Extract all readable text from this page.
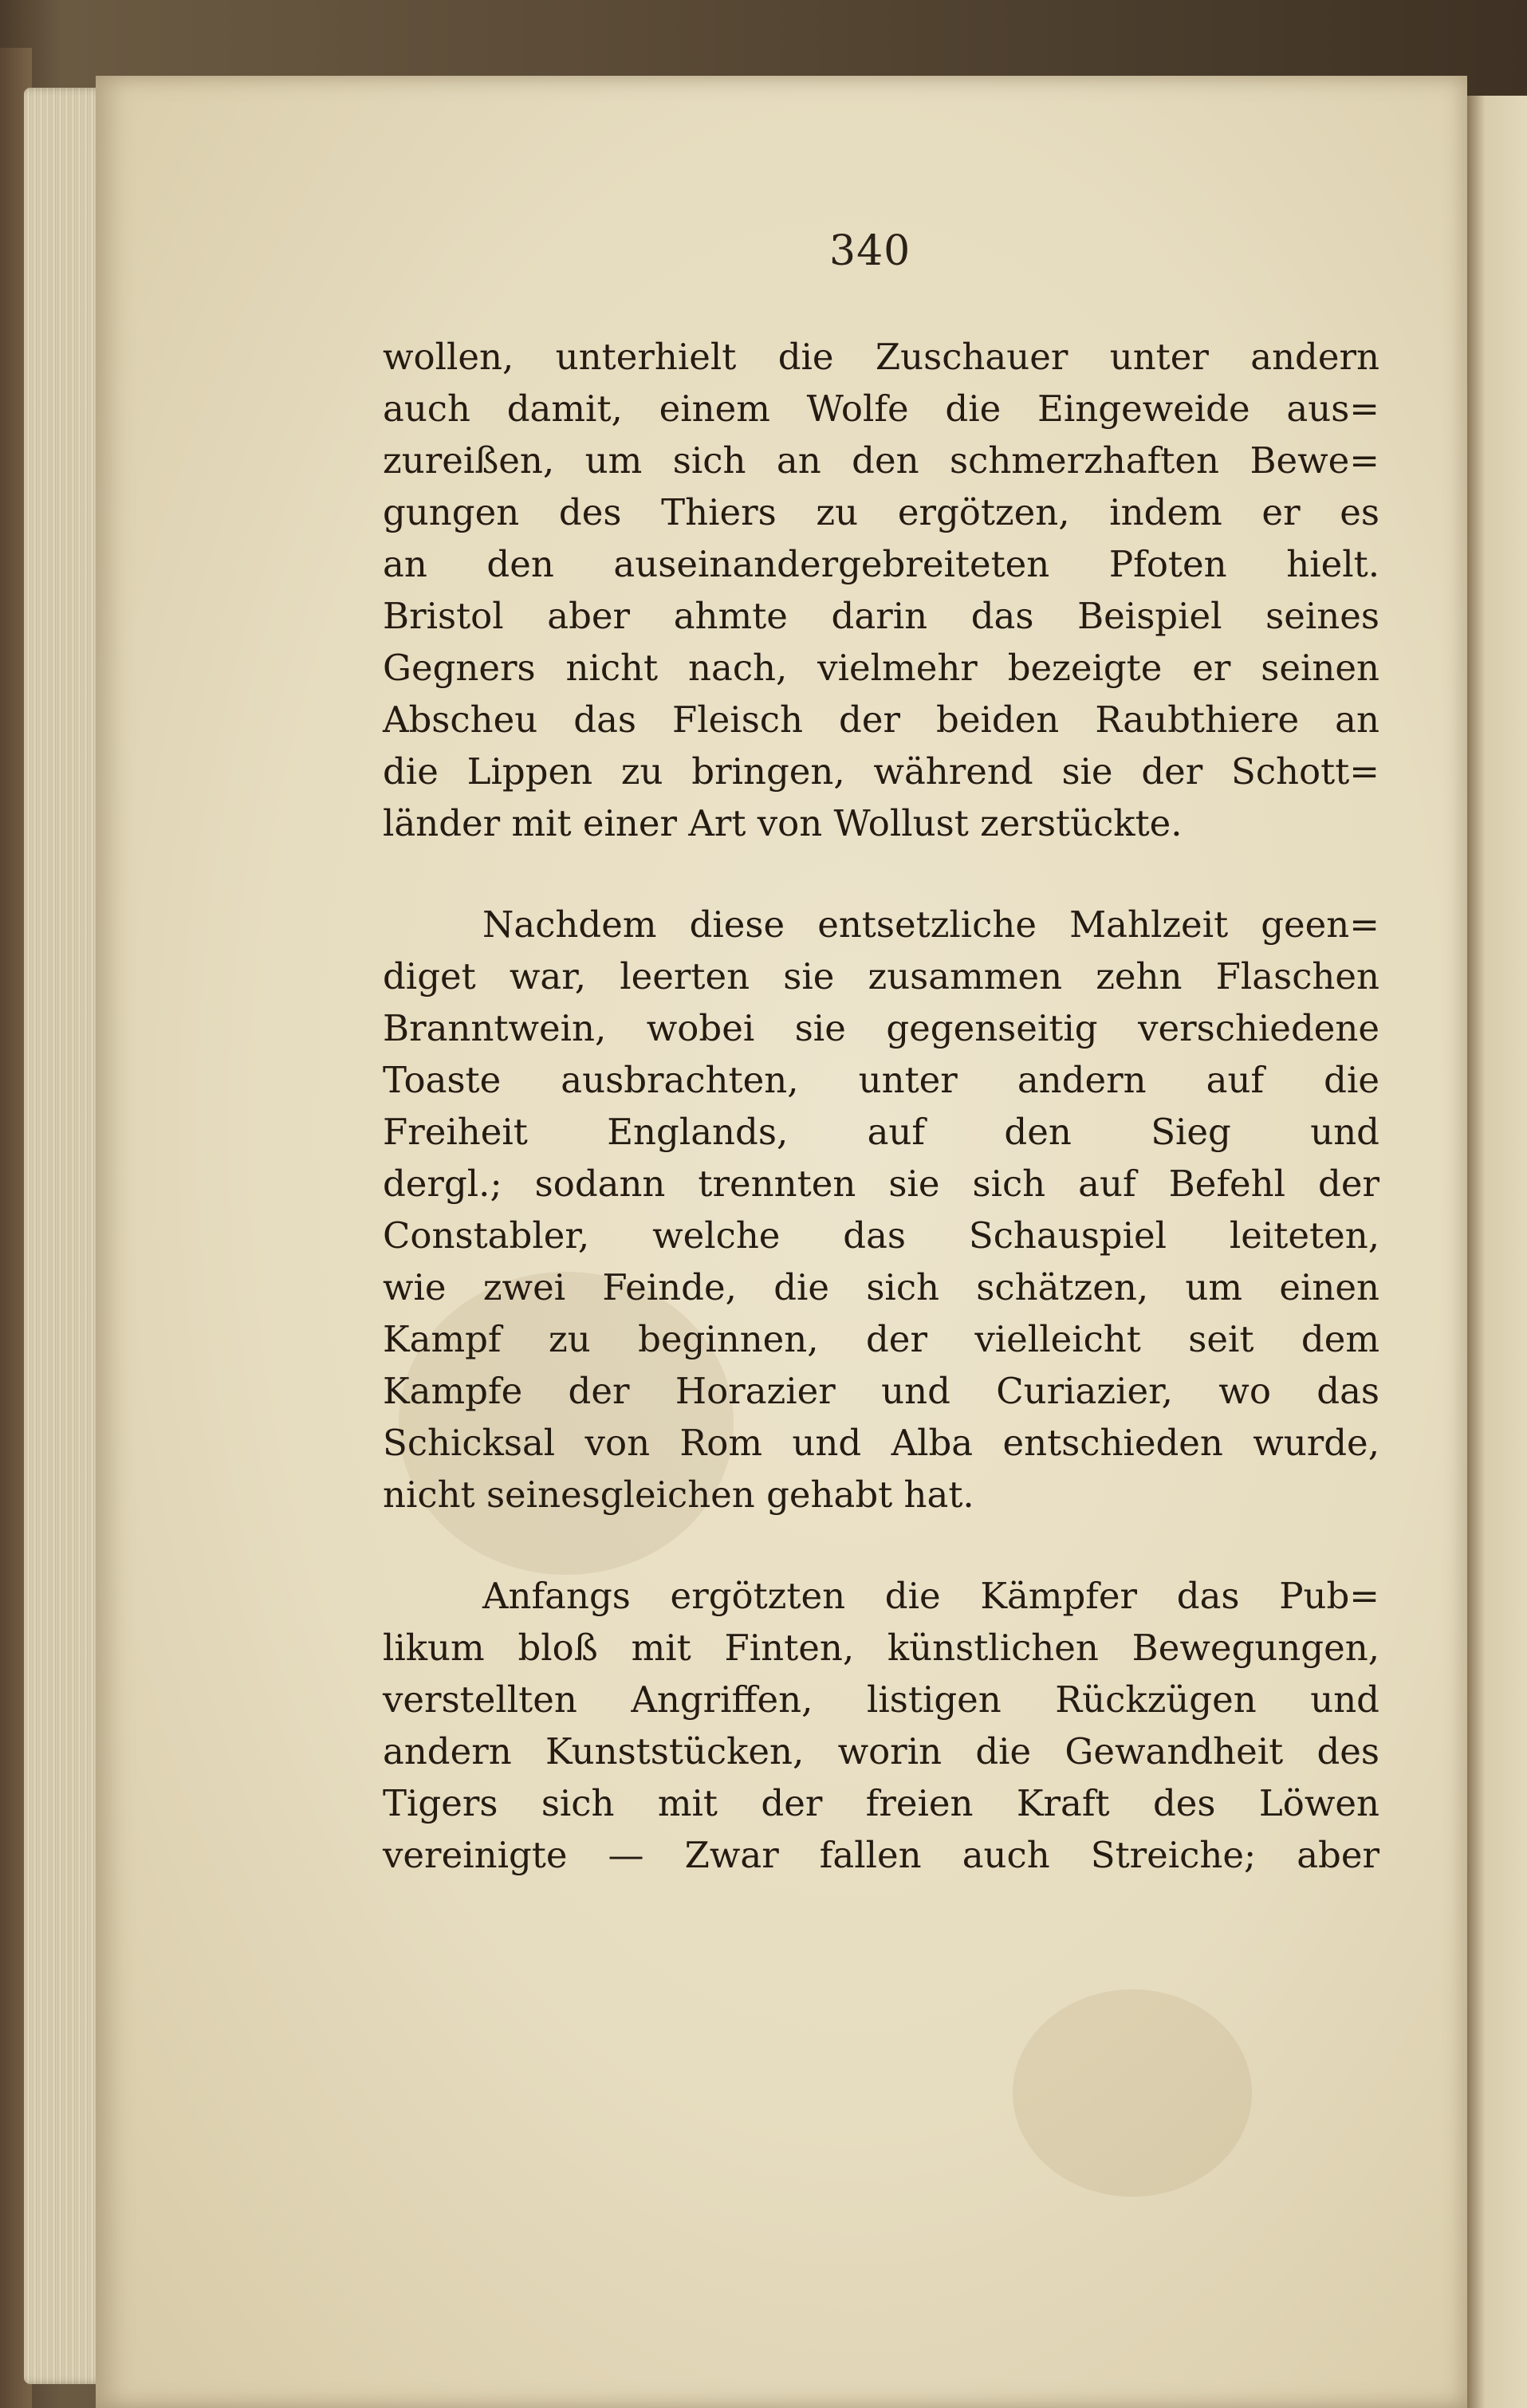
340
wollen, unterhielt die Zuschauer unter andern
auch damit, einem Wolfe die Eingeweide aus=
zureißen, um sich an den schmerzhaften Bewe=
gungen des Thiers zu ergötzen, indem er es
an den auseinandergebreiteten Pfoten hielt.
Bristol aber ahmte darin das Beispiel seines
Gegners nicht nach, vielmehr bezeigte er seinen
Abscheu das Fleisch der beiden Raubthiere an
die Lippen zu bringen, während sie der Schott=
länder mit einer Art von Wollust zerstückte.
Nachdem diese entsetzliche Mahlzeit geen=
diget war, leerten sie zusammen zehn Flaschen
Branntwein, wobei sie gegenseitig verschiedene
Toaste ausbrachten, unter andern auf die
Freiheit Englands, auf den Sieg und
dergl.; sodann trennten sie sich auf Befehl der
Constabler, welche das Schauspiel leiteten,
wie zwei Feinde, die sich schätzen, um einen
Kampf zu beginnen, der vielleicht seit dem
Kampfe der Horazier und Curiazier, wo das
Schicksal von Rom und Alba entschieden wurde,
nicht seinesgleichen gehabt hat.
Anfangs ergötzten die Kämpfer das Pub=
likum bloß mit Finten, künstlichen Bewegungen,
verstellten Angriffen, listigen Rückzügen und
andern Kunststücken, worin die Gewandheit des
Tigers sich mit der freien Kraft des Löwen
vereinigte — Zwar fallen auch Streiche; aber
